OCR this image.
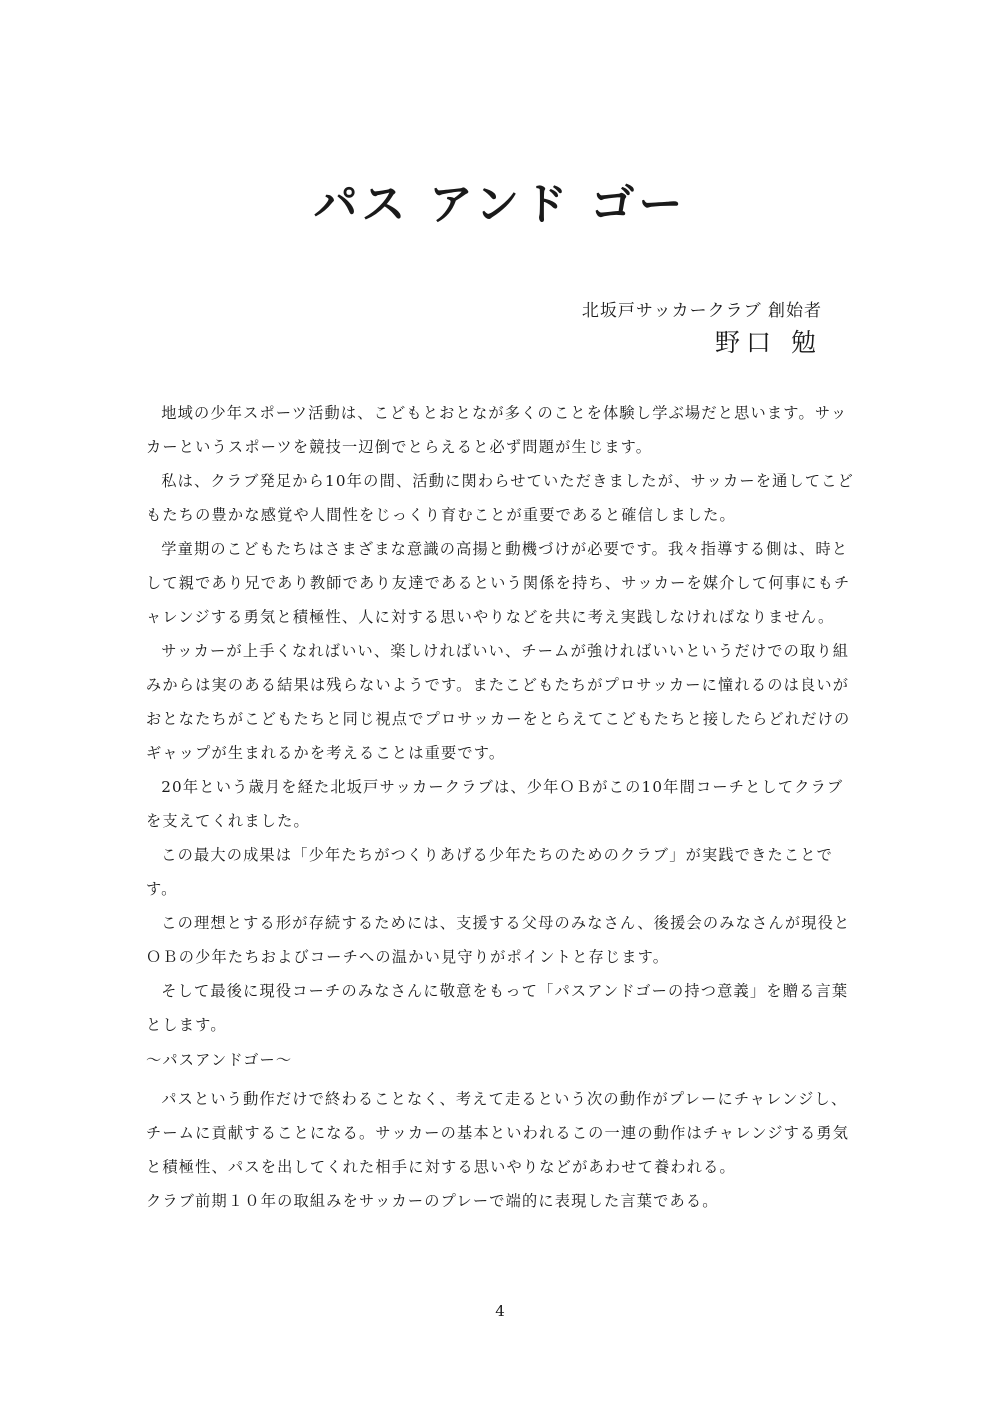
パス アンド ゴー
北坂戸サッカークラブ 創始者
野口 勉

地域の少年スポーツ活動は、こどもとおとなが多くのことを体験し学ぶ場だと思います。サッカーというスポーツを競技一辺倒でとらえると必ず問題が生じます。

私は、クラブ発足から10年の間、活動に関わらせていただきましたが、サッカーを通してこどもたちの豊かな感覚や人間性をじっくり育むことが重要であると確信しました。

学童期のこどもたちはさまざまな意識の高揚と動機づけが必要です。我々指導する側は、時として親であり兄であり教師であり友達であるという関係を持ち、サッカーを媒介して何事にもチャレンジする勇気と積極性、人に対する思いやりなどを共に考え実践しなければなりません。

サッカーが上手くなればいい、楽しければいい、チームが強ければいいというだけでの取り組みからは実のある結果は残らないようです。またこどもたちがプロサッカーに憧れるのは良いがおとなたちがこどもたちと同じ視点でプロサッカーをとらえてこどもたちと接したらどれだけのギャップが生まれるかを考えることは重要です。

20年という歳月を経た北坂戸サッカークラブは、少年ＯＢがこの10年間コーチとしてクラブを支えてくれました。

この最大の成果は「少年たちがつくりあげる少年たちのためのクラブ」が実践できたことです。

この理想とする形が存続するためには、支援する父母のみなさん、後援会のみなさんが現役とＯＢの少年たちおよびコーチへの温かい見守りがポイントと存じます。

そして最後に現役コーチのみなさんに敬意をもって「パスアンドゴーの持つ意義」を贈る言葉とします。

～パスアンドゴー～

パスという動作だけで終わることなく、考えて走るという次の動作がプレーにチャレンジし、チームに貢献することになる。サッカーの基本といわれるこの一連の動作はチャレンジする勇気と積極性、パスを出してくれた相手に対する思いやりなどがあわせて養われる。

クラブ前期１０年の取組みをサッカーのプレーで端的に表現した言葉である。

4
